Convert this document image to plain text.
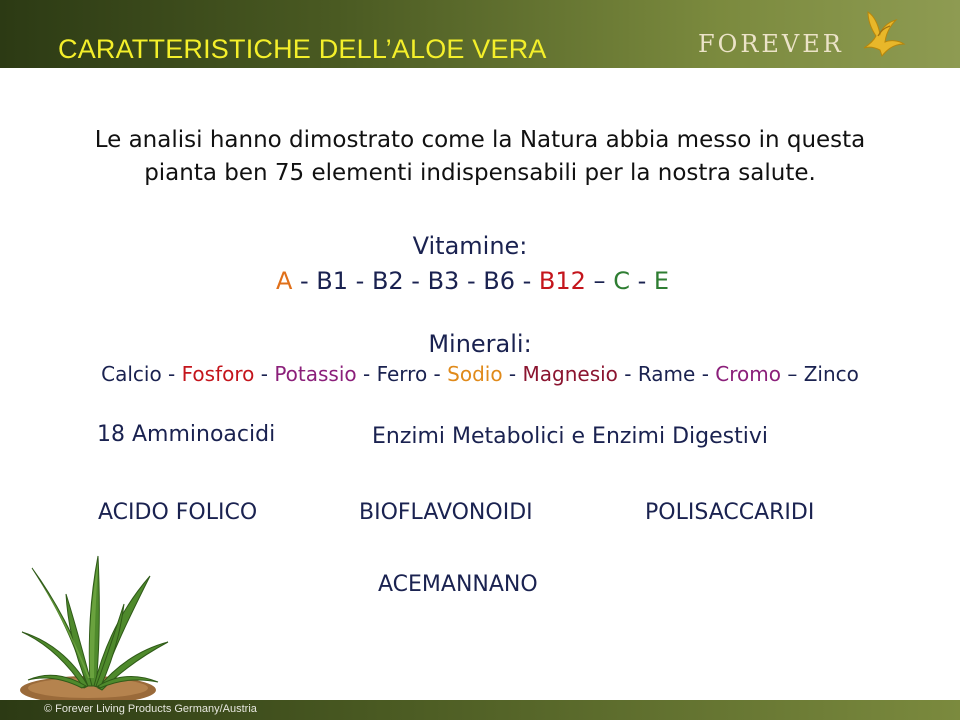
CARATTERISTICHE DELL’ALOE VERA	FOREVER
Le analisi hanno dimostrato come la Natura abbia messo in questa
pianta ben 75 elementi indispensabili per la nostra salute.
Vitamine:
A - B1 - B2 - B3 - B6 - B12 – C - E
Minerali:
Calcio - Fosforo - Potassio - Ferro - Sodio - Magnesio - Rame - Cromo – Zinco
18 Amminoacidi	Enzimi Metabolici e Enzimi Digestivi
ACIDO FOLICO	BIOFLAVONOIDI	POLISACCARIDI
ACEMANNANO
© Forever Living Products Germany/Austria
